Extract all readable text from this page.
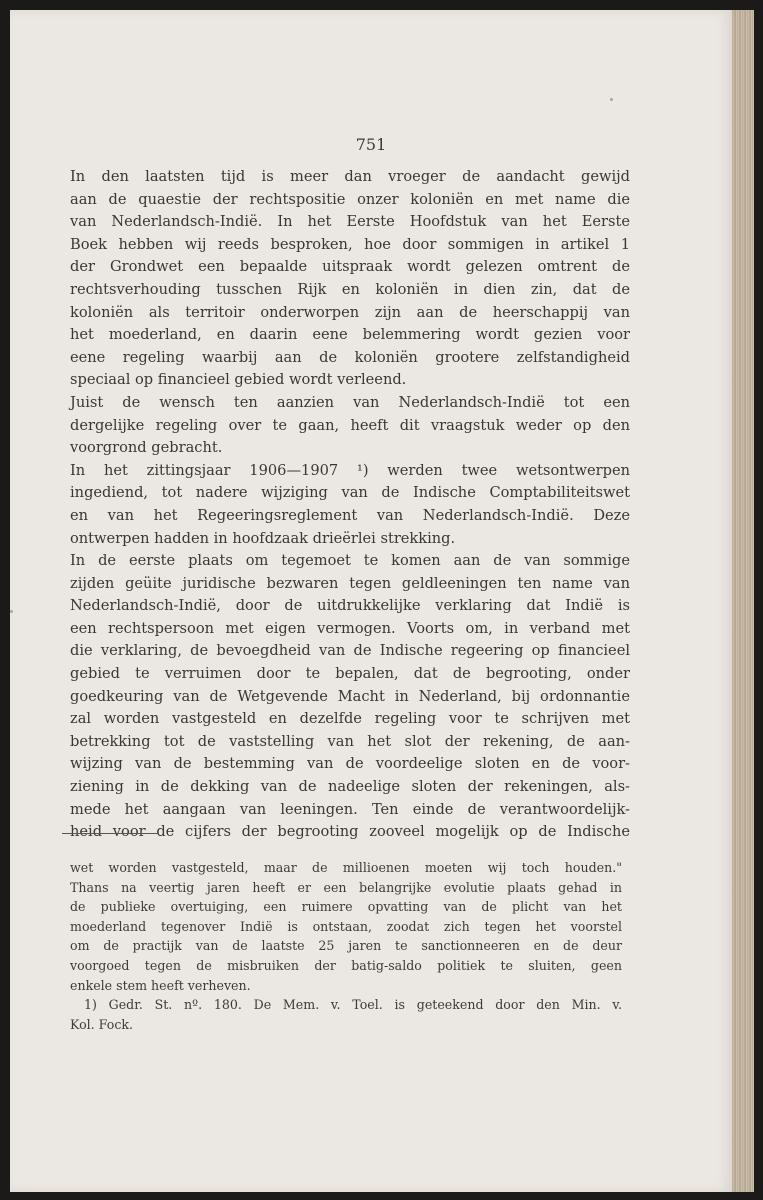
751

In den laatsten tijd is meer dan vroeger de aandacht gewijd

aan de quaestie der rechtspositie onzer koloniën en met name die

van Nederlandsch-Indië. In het Eerste Hoofdstuk van het Eerste

Boek hebben wij reeds besproken, hoe door sommigen in artikel 1

der Grondwet een bepaalde uitspraak wordt gelezen omtrent de

rechtsverhouding tusschen Rijk en koloniën in dien zin, dat de

koloniën als territoir onderworpen zijn aan de heerschappij van

het moederland, en daarin eene belemmering wordt gezien voor

eene regeling waarbij aan de koloniën grootere zelfstandigheid

speciaal op financieel gebied wordt verleend.

Juist de wensch ten aanzien van Nederlandsch-Indië tot een

dergelijke regeling over te gaan, heeft dit vraagstuk weder op den

voorgrond gebracht.

In het zittingsjaar 1906—1907 ¹) werden twee wetsontwerpen

ingediend, tot nadere wijziging van de Indische Comptabiliteitswet

en van het Regeeringsreglement van Nederlandsch-Indië. Deze

ontwerpen hadden in hoofdzaak drieërlei strekking.

In de eerste plaats om tegemoet te komen aan de van sommige

zijden geüite juridische bezwaren tegen geldleeningen ten name van

Nederlandsch-Indië, door de uitdrukkelijke verklaring dat Indië is

een rechtspersoon met eigen vermogen. Voorts om, in verband met

die verklaring, de bevoegdheid van de Indische regeering op financieel

gebied te verruimen door te bepalen, dat de begrooting, onder

goedkeuring van de Wetgevende Macht in Nederland, bij ordonnantie

zal worden vastgesteld en dezelfde regeling voor te schrijven met

betrekking tot de vaststelling van het slot der rekening, de aan-

wijzing van de bestemming van de voordeelige sloten en de voor-

ziening in de dekking van de nadeelige sloten der rekeningen, als-

mede het aangaan van leeningen. Ten einde de verantwoordelijk-

heid voor de cijfers der begrooting zooveel mogelijk op de Indische

wet worden vastgesteld, maar de millioenen moeten wij toch houden."

Thans na veertig jaren heeft er een belangrijke evolutie plaats gehad in

de publieke overtuiging, een ruimere opvatting van de plicht van het

moederland tegenover Indië is ontstaan, zoodat zich tegen het voorstel

om de practijk van de laatste 25 jaren te sanctionneeren en de deur

voorgoed tegen de misbruiken der batig-saldo politiek te sluiten, geen

enkele stem heeft verheven.

1) Gedr. St. nº. 180. De Mem. v. Toel. is geteekend door den Min. v.

Kol. Fock.
